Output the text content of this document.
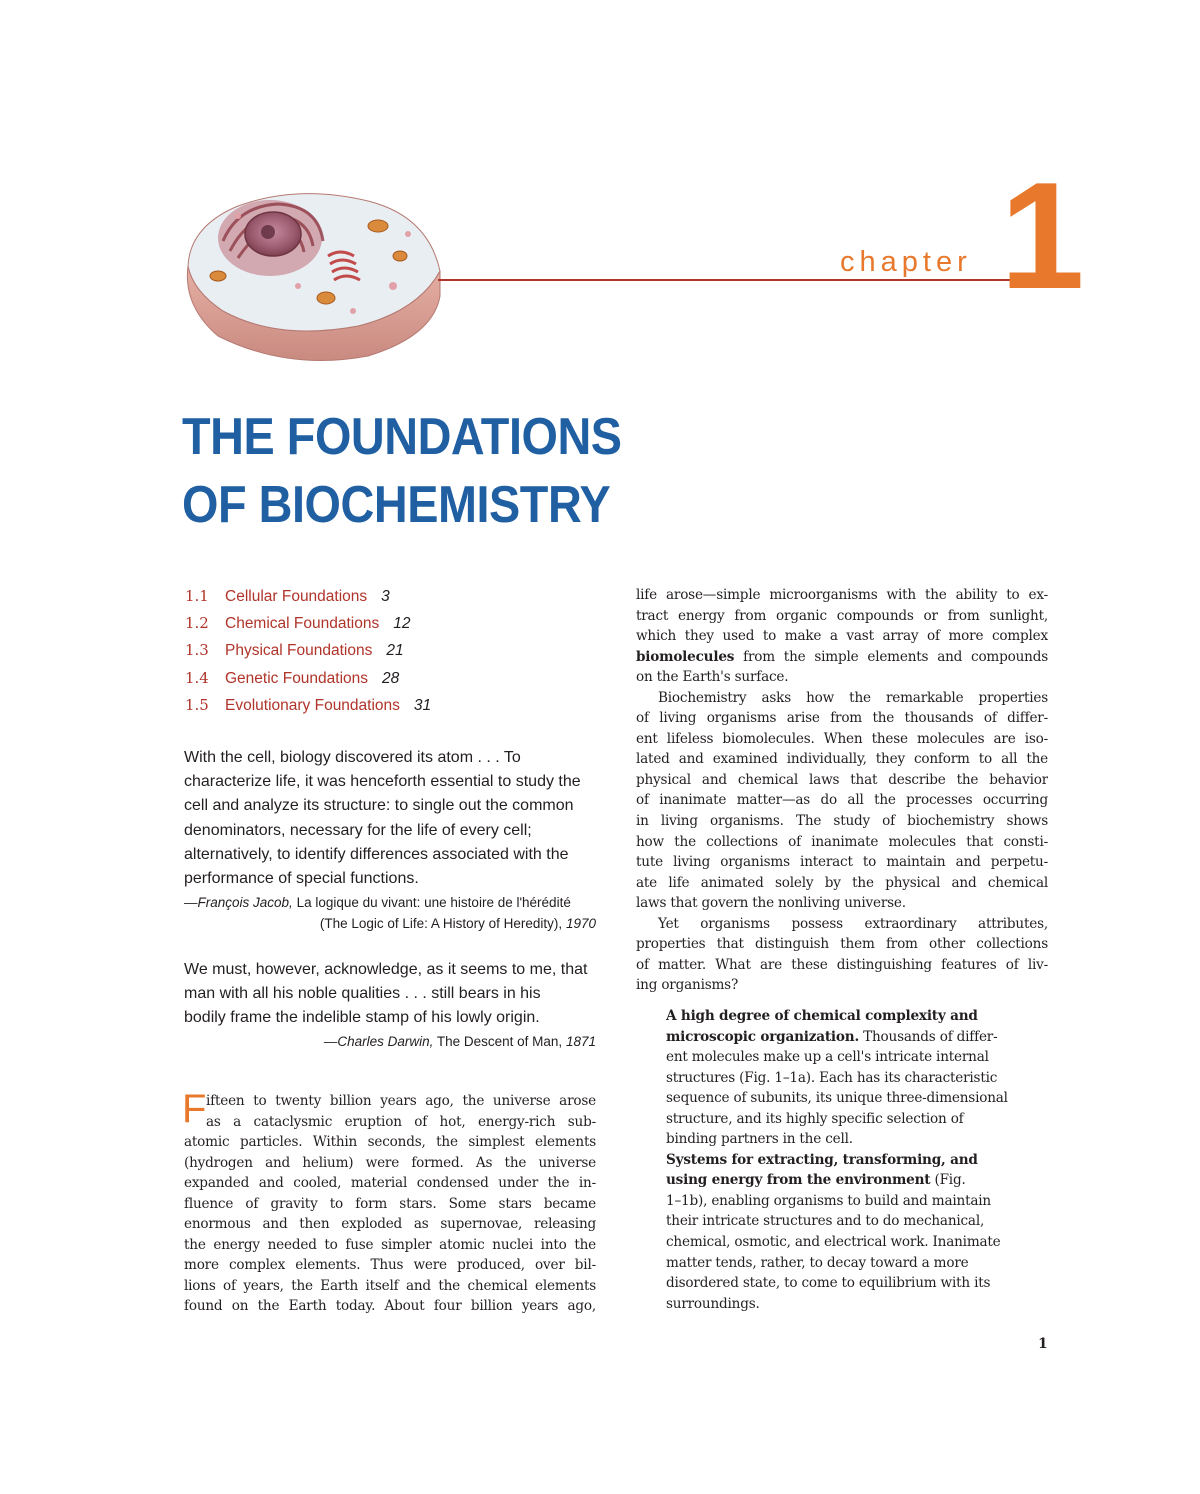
chapter 1
THE FOUNDATIONS
OF BIOCHEMISTRY
1.1 Cellular Foundations 3
1.2 Chemical Foundations 12
1.3 Physical Foundations 21
1.4 Genetic Foundations 28
1.5 Evolutionary Foundations 31
With the cell, biology discovered its atom . . . To
characterize life, it was henceforth essential to study the
cell and analyze its structure: to single out the common
denominators, necessary for the life of every cell;
alternatively, to identify differences associated with the
performance of special functions.
—François Jacob, La logique du vivant: une histoire de l'hérédité
(The Logic of Life: A History of Heredity), 1970
We must, however, acknowledge, as it seems to me, that
man with all his noble qualities . . . still bears in his
bodily frame the indelible stamp of his lowly origin.
—Charles Darwin, The Descent of Man, 1871
F ifteen to twenty billion years ago, the universe arose
as a cataclysmic eruption of hot, energy-rich sub-
atomic particles. Within seconds, the simplest elements
(hydrogen and helium) were formed. As the universe
expanded and cooled, material condensed under the in-
fluence of gravity to form stars. Some stars became
enormous and then exploded as supernovae, releasing
the energy needed to fuse simpler atomic nuclei into the
more complex elements. Thus were produced, over bil-
lions of years, the Earth itself and the chemical elements
found on the Earth today. About four billion years ago,
life arose—simple microorganisms with the ability to ex-
tract energy from organic compounds or from sunlight,
which they used to make a vast array of more complex
biomolecules from the simple elements and compounds
on the Earth's surface.
Biochemistry asks how the remarkable properties
of living organisms arise from the thousands of differ-
ent lifeless biomolecules. When these molecules are iso-
lated and examined individually, they conform to all the
physical and chemical laws that describe the behavior
of inanimate matter—as do all the processes occurring
in living organisms. The study of biochemistry shows
how the collections of inanimate molecules that consti-
tute living organisms interact to maintain and perpetu-
ate life animated solely by the physical and chemical
laws that govern the nonliving universe.
Yet organisms possess extraordinary attributes,
properties that distinguish them from other collections
of matter. What are these distinguishing features of liv-
ing organisms?
A high degree of chemical complexity and
microscopic organization. Thousands of differ-
ent molecules make up a cell's intricate internal
structures (Fig. 1–1a). Each has its characteristic
sequence of subunits, its unique three-dimensional
structure, and its highly specific selection of
binding partners in the cell.
Systems for extracting, transforming, and
using energy from the environment (Fig.
1–1b), enabling organisms to build and maintain
their intricate structures and to do mechanical,
chemical, osmotic, and electrical work. Inanimate
matter tends, rather, to decay toward a more
disordered state, to come to equilibrium with its
surroundings.
1
